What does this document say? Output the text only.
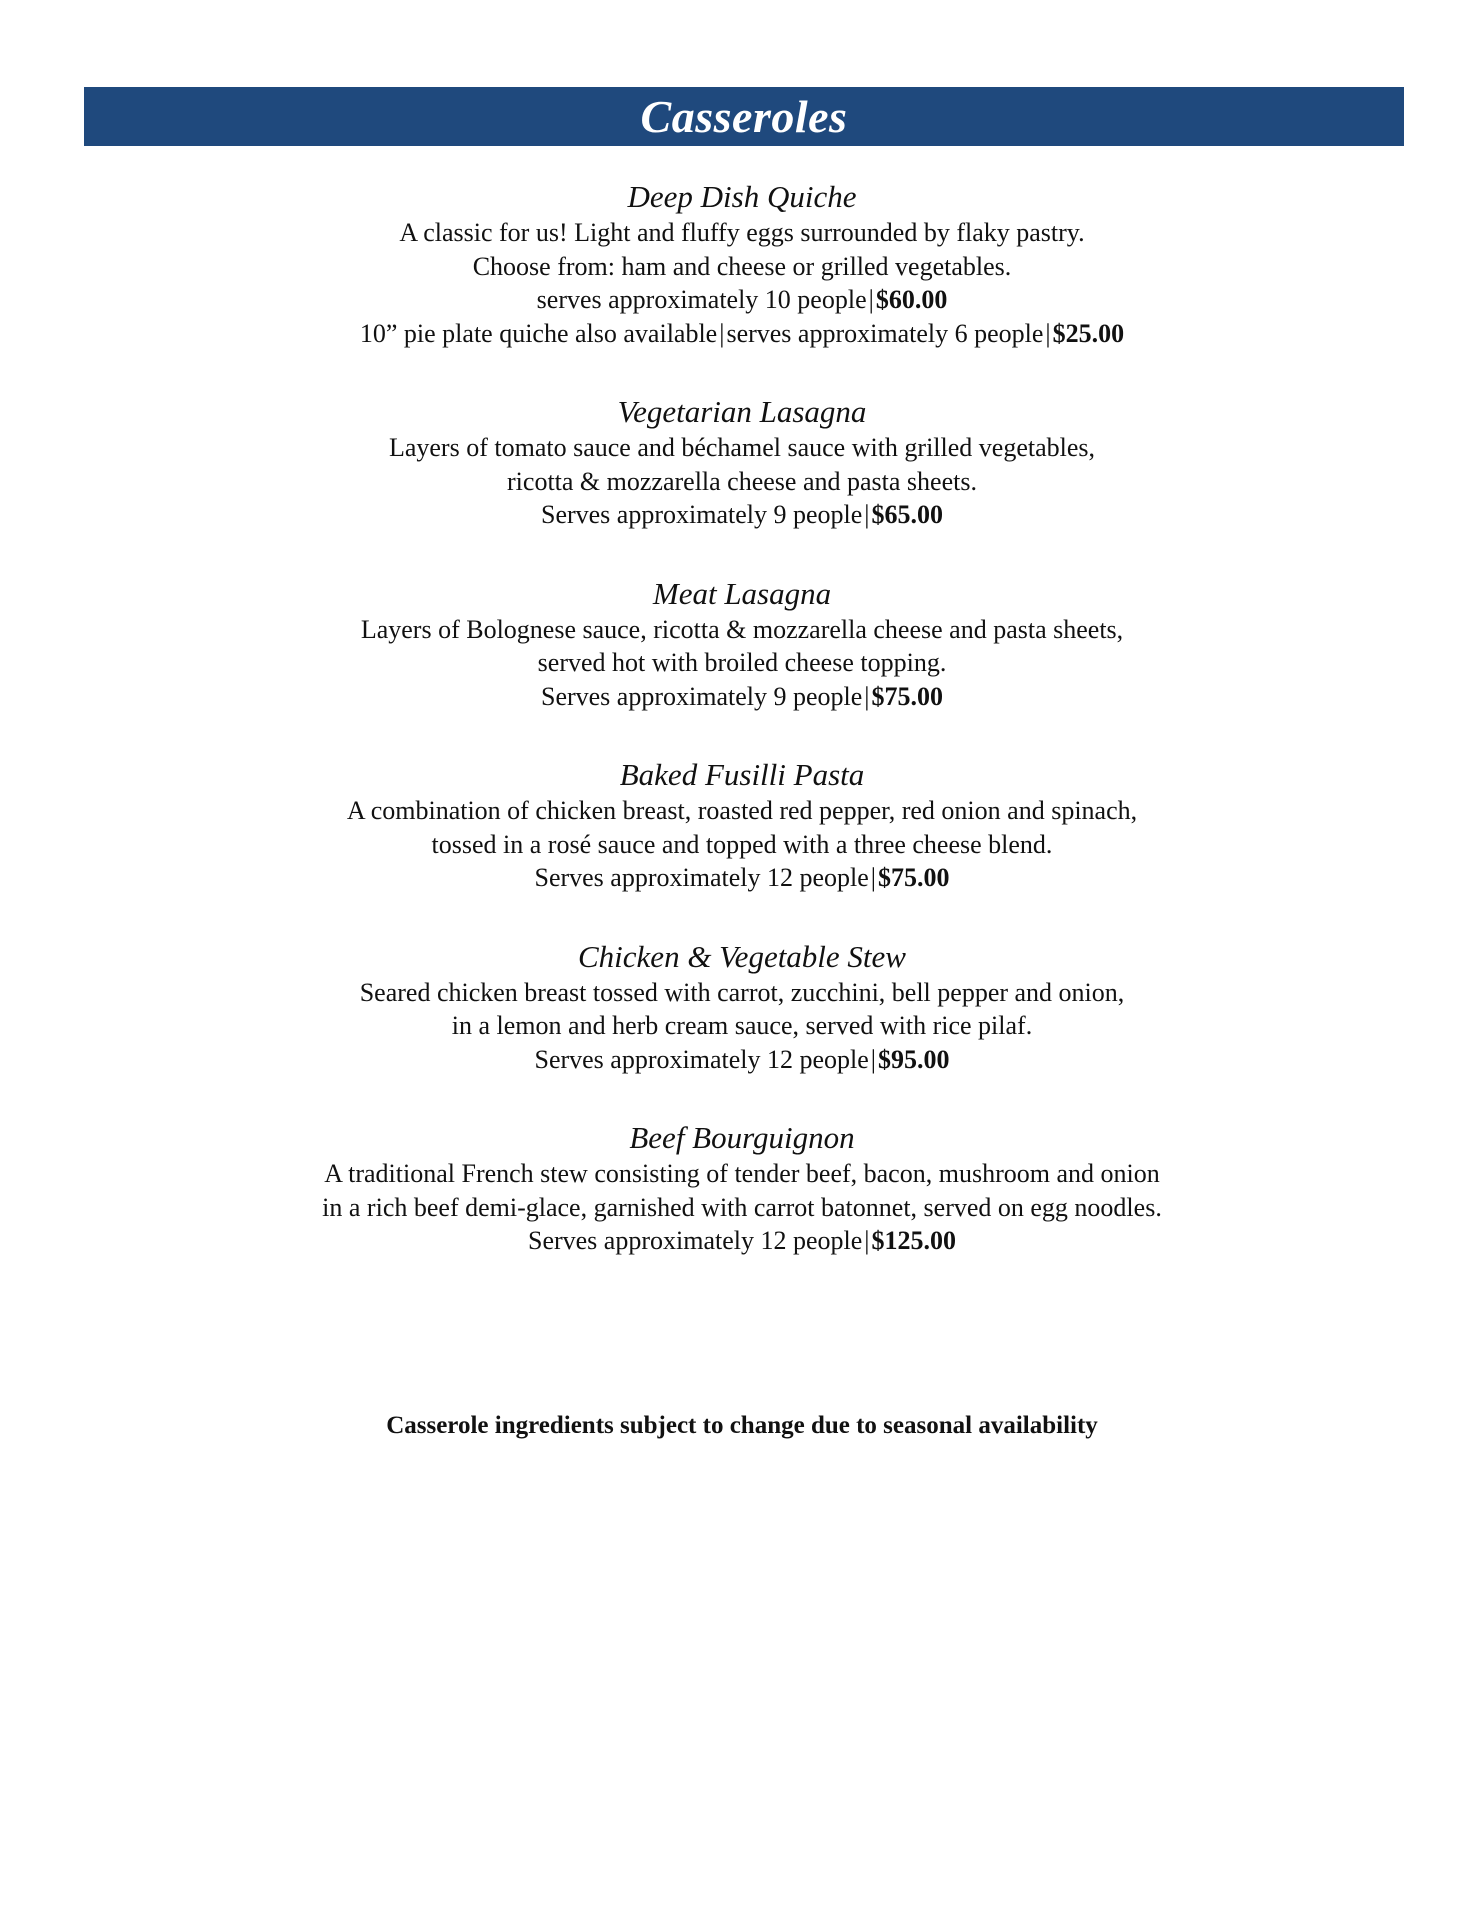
Casseroles

Deep Dish Quiche

A classic for us! Light and fluffy eggs surrounded by flaky pastry.

Choose from: ham and cheese or grilled vegetables.

serves approximately 10 people|$60.00

10” pie plate quiche also available|serves approximately 6 people|$25.00

Vegetarian Lasagna

Layers of tomato sauce and béchamel sauce with grilled vegetables,

ricotta & mozzarella cheese and pasta sheets.

Serves approximately 9 people|$65.00

Meat Lasagna

Layers of Bolognese sauce, ricotta & mozzarella cheese and pasta sheets,

served hot with broiled cheese topping.

Serves approximately 9 people|$75.00

Baked Fusilli Pasta

A combination of chicken breast, roasted red pepper, red onion and spinach,

tossed in a rosé sauce and topped with a three cheese blend.

Serves approximately 12 people|$75.00

Chicken & Vegetable Stew

Seared chicken breast tossed with carrot, zucchini, bell pepper and onion,

in a lemon and herb cream sauce, served with rice pilaf.

Serves approximately 12 people|$95.00

Beef Bourguignon

A traditional French stew consisting of tender beef, bacon, mushroom and onion

in a rich beef demi-glace, garnished with carrot batonnet, served on egg noodles.

Serves approximately 12 people|$125.00

Casserole ingredients subject to change due to seasonal availability
